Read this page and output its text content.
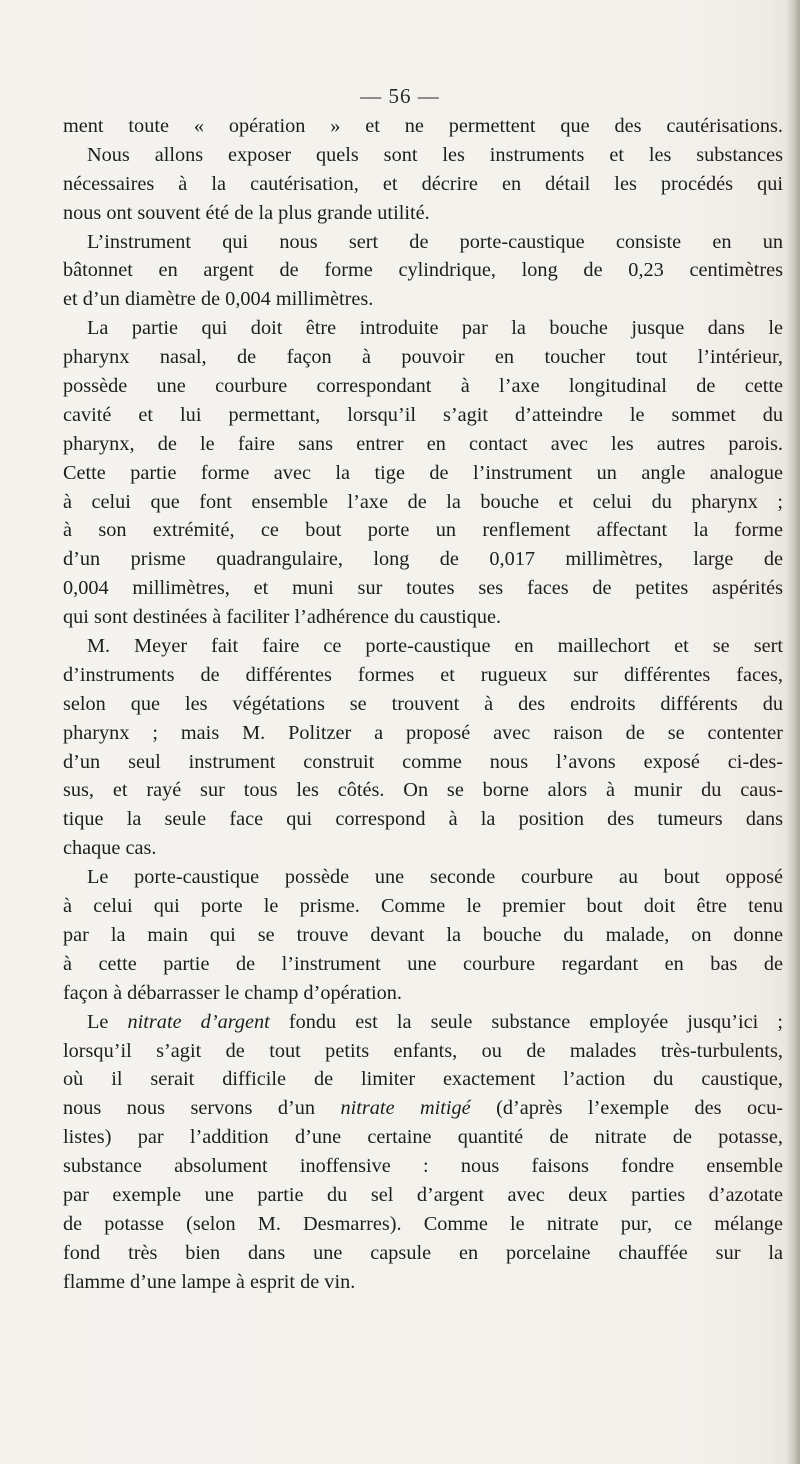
— 56 —
ment toute « opération » et ne permettent que des cautérisations.
Nous allons exposer quels sont les instruments et les substances
nécessaires à la cautérisation, et décrire en détail les procédés qui
nous ont souvent été de la plus grande utilité.
L’instrument qui nous sert de porte-caustique consiste en un
bâtonnet en argent de forme cylindrique, long de 0,23 centimètres
et d’un diamètre de 0,004 millimètres.
La partie qui doit être introduite par la bouche jusque dans le
pharynx nasal, de façon à pouvoir en toucher tout l’intérieur,
possède une courbure correspondant à l’axe longitudinal de cette
cavité et lui permettant, lorsqu’il s’agit d’atteindre le sommet du
pharynx, de le faire sans entrer en contact avec les autres parois.
Cette partie forme avec la tige de l’instrument un angle analogue
à celui que font ensemble l’axe de la bouche et celui du pharynx ;
à son extrémité, ce bout porte un renflement affectant la forme
d’un prisme quadrangulaire, long de 0,017 millimètres, large de
0,004 millimètres, et muni sur toutes ses faces de petites aspérités
qui sont destinées à faciliter l’adhérence du caustique.
M. Meyer fait faire ce porte-caustique en maillechort et se sert
d’instruments de différentes formes et rugueux sur différentes faces,
selon que les végétations se trouvent à des endroits différents du
pharynx ; mais M. Politzer a proposé avec raison de se contenter
d’un seul instrument construit comme nous l’avons exposé ci-des-
sus, et rayé sur tous les côtés. On se borne alors à munir du caus-
tique la seule face qui correspond à la position des tumeurs dans
chaque cas.
Le porte-caustique possède une seconde courbure au bout opposé
à celui qui porte le prisme. Comme le premier bout doit être tenu
par la main qui se trouve devant la bouche du malade, on donne
à cette partie de l’instrument une courbure regardant en bas de
façon à débarrasser le champ d’opération.
Le nitrate d’argent fondu est la seule substance employée jusqu’ici ;
lorsqu’il s’agit de tout petits enfants, ou de malades très-turbulents,
où il serait difficile de limiter exactement l’action du caustique,
nous nous servons d’un nitrate mitigé (d’après l’exemple des ocu-
listes) par l’addition d’une certaine quantité de nitrate de potasse,
substance absolument inoffensive : nous faisons fondre ensemble
par exemple une partie du sel d’argent avec deux parties d’azotate
de potasse (selon M. Desmarres). Comme le nitrate pur, ce mélange
fond très bien dans une capsule en porcelaine chauffée sur la
flamme d’une lampe à esprit de vin.
